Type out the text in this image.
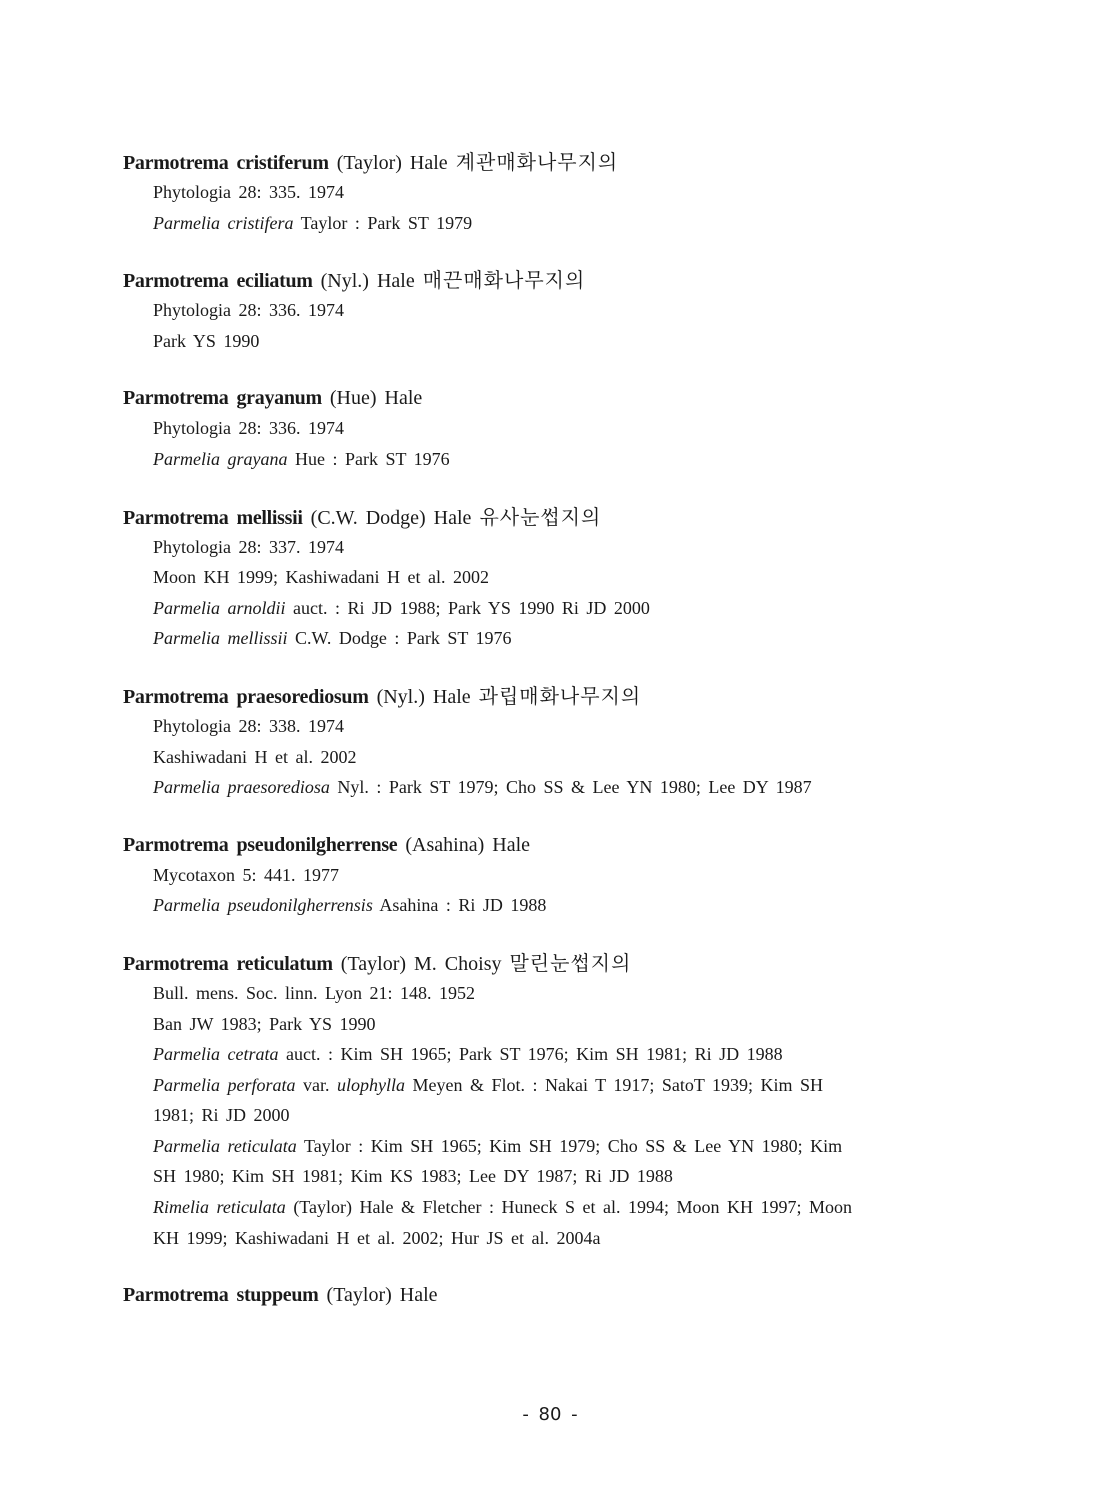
Parmotrema cristiferum (Taylor) Hale 계관매화나무지의
Phytologia 28: 335. 1974
Parmelia cristifera Taylor : Park ST 1979
Parmotrema eciliatum (Nyl.) Hale 매끈매화나무지의
Phytologia 28: 336. 1974
Park YS 1990
Parmotrema grayanum (Hue) Hale
Phytologia 28: 336. 1974
Parmelia grayana Hue : Park ST 1976
Parmotrema mellissii (C.W. Dodge) Hale 유사눈썹지의
Phytologia 28: 337. 1974
Moon KH 1999; Kashiwadani H et al. 2002
Parmelia arnoldii auct. : Ri JD 1988; Park YS 1990 Ri JD 2000
Parmelia mellissii C.W. Dodge : Park ST 1976
Parmotrema praesorediosum (Nyl.) Hale 과립매화나무지의
Phytologia 28: 338. 1974
Kashiwadani H et al. 2002
Parmelia praesorediosa Nyl. : Park ST 1979; Cho SS & Lee YN 1980; Lee DY 1987
Parmotrema pseudonilgherrense (Asahina) Hale
Mycotaxon 5: 441. 1977
Parmelia pseudonilgherrensis Asahina : Ri JD 1988
Parmotrema reticulatum (Taylor) M. Choisy 말린눈썹지의
Bull. mens. Soc. linn. Lyon 21: 148. 1952
Ban JW 1983; Park YS 1990
Parmelia cetrata auct. : Kim SH 1965; Park ST 1976; Kim SH 1981; Ri JD 1988
Parmelia perforata var. ulophylla Meyen & Flot. : Nakai T 1917; SatoT 1939; Kim SH
1981; Ri JD 2000
Parmelia reticulata Taylor : Kim SH 1965; Kim SH 1979; Cho SS & Lee YN 1980; Kim
SH 1980; Kim SH 1981; Kim KS 1983; Lee DY 1987; Ri JD 1988
Rimelia reticulata (Taylor) Hale & Fletcher : Huneck S et al. 1994; Moon KH 1997; Moon
KH 1999; Kashiwadani H et al. 2002; Hur JS et al. 2004a
Parmotrema stuppeum (Taylor) Hale
- 80 -
